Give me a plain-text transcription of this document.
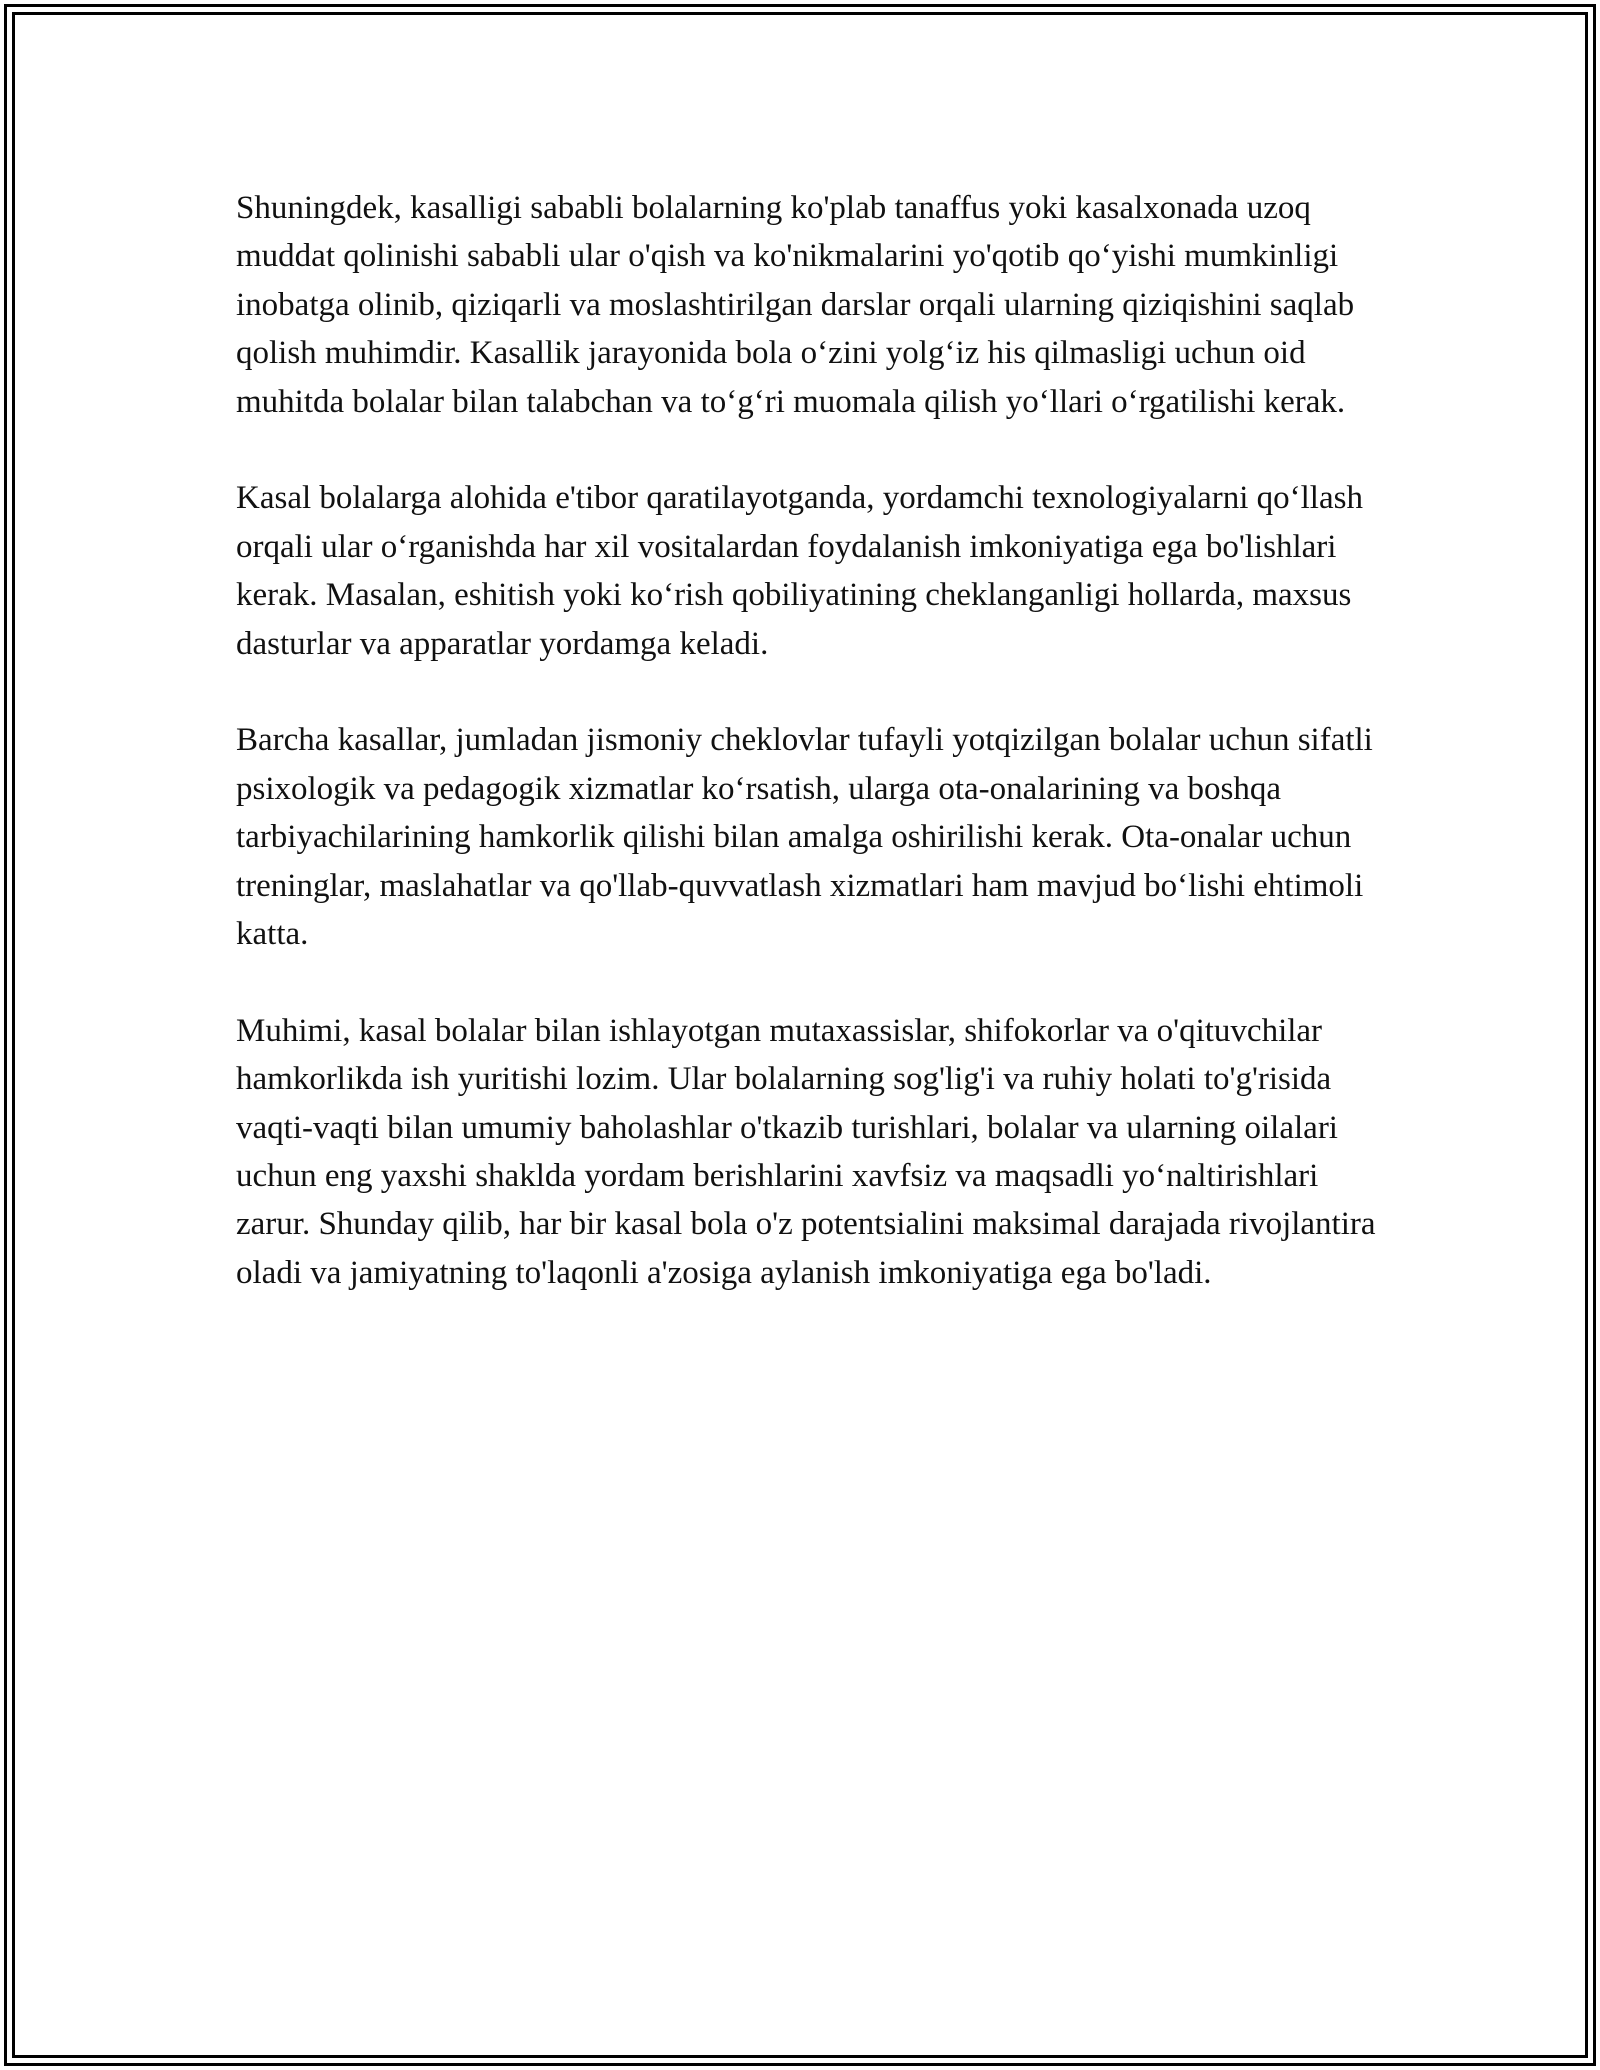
Shuningdek, kasalligi sababli bolalarning ko'plab tanaffus yoki kasalxonada uzoq muddat qolinishi sababli ular o'qish va ko'nikmalarini yo'qotib qo‘yishi mumkinligi inobatga olinib, qiziqarli va moslashtirilgan darslar orqali ularning qiziqishini saqlab qolish muhimdir. Kasallik jarayonida bola o‘zini yolg‘iz his qilmasligi uchun oid muhitda bolalar bilan talabchan va to‘g‘ri muomala qilish yo‘llari o‘rgatilishi kerak.

Kasal bolalarga alohida e'tibor qaratilayotganda, yordamchi texnologiyalarni qo‘llash orqali ular o‘rganishda har xil vositalardan foydalanish imkoniyatiga ega bo'lishlari kerak. Masalan, eshitish yoki ko‘rish qobiliyatining cheklanganligi hollarda, maxsus dasturlar va apparatlar yordamga keladi.

Barcha kasallar, jumladan jismoniy cheklovlar tufayli yotqizilgan bolalar uchun sifatli psixologik va pedagogik xizmatlar ko‘rsatish, ularga ota-onalarining va boshqa tarbiyachilarining hamkorlik qilishi bilan amalga oshirilishi kerak. Ota-onalar uchun treninglar, maslahatlar va qo'llab-quvvatlash xizmatlari ham mavjud bo‘lishi ehtimoli katta.

Muhimi, kasal bolalar bilan ishlayotgan mutaxassislar, shifokorlar va o'qituvchilar hamkorlikda ish yuritishi lozim. Ular bolalarning sog'lig'i va ruhiy holati to'g'risida vaqti-vaqti bilan umumiy baholashlar o'tkazib turishlari, bolalar va ularning oilalari uchun eng yaxshi shaklda yordam berishlarini xavfsiz va maqsadli yo‘naltirishlari zarur. Shunday qilib, har bir kasal bola o'z potentsialini maksimal darajada rivojlantira oladi va jamiyatning to'laqonli a'zosiga aylanish imkoniyatiga ega bo'ladi.
